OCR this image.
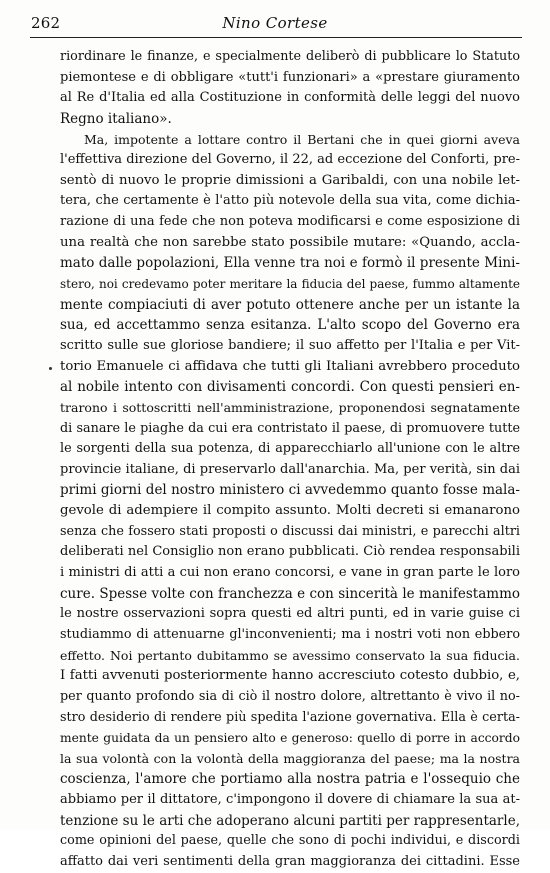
262	Nino Cortese
riordinare le finanze, e specialmente deliberò di pubblicare lo Statuto
piemontese e di obbligare «tutt'i funzionari» a «prestare giuramento
al Re d'Italia ed alla Costituzione in conformità delle leggi del nuovo
Regno italiano».
Ma, impotente a lottare contro il Bertani che in quei giorni aveva
l'effettiva direzione del Governo, il 22, ad eccezione del Conforti, pre-
sentò di nuovo le proprie dimissioni a Garibaldi, con una nobile let-
tera, che certamente è l'atto più notevole della sua vita, come dichia-
razione di una fede che non poteva modificarsi e come esposizione di
una realtà che non sarebbe stato possibile mutare: «Quando, accla-
mato dalle popolazioni, Ella venne tra noi e formò il presente Mini-
stero, noi credevamo poter meritare la fiducia del paese, fummo altamente
mente compiaciuti di aver potuto ottenere anche per un istante la
sua, ed accettammo senza esitanza. L'alto scopo del Governo era
scritto sulle sue gloriose bandiere; il suo affetto per l'Italia e per Vit-
torio Emanuele ci affidava che tutti gli Italiani avrebbero proceduto
al nobile intento con divisamenti concordi. Con questi pensieri en-
trarono i sottoscritti nell'amministrazione, proponendosi segnatamente
di sanare le piaghe da cui era contristato il paese, di promuovere tutte
le sorgenti della sua potenza, di apparecchiarlo all'unione con le altre
provincie italiane, di preservarlo dall'anarchia. Ma, per verità, sin dai
primi giorni del nostro ministero ci avvedemmo quanto fosse mala-
gevole di adempiere il compito assunto. Molti decreti si emanarono
senza che fossero stati proposti o discussi dai ministri, e parecchi altri
deliberati nel Consiglio non erano pubblicati. Ciò rendea responsabili
i ministri di atti a cui non erano concorsi, e vane in gran parte le loro
cure. Spesse volte con franchezza e con sincerità le manifestammo
le nostre osservazioni sopra questi ed altri punti, ed in varie guise ci
studiammo di attenuarne gl'inconvenienti; ma i nostri voti non ebbero
effetto. Noi pertanto dubitammo se avessimo conservato la sua fiducia.
I fatti avvenuti posteriormente hanno accresciuto cotesto dubbio, e,
per quanto profondo sia di ciò il nostro dolore, altrettanto è vivo il no-
stro desiderio di rendere più spedita l'azione governativa. Ella è certa-
mente guidata da un pensiero alto e generoso: quello di porre in accordo
la sua volontà con la volontà della maggioranza del paese; ma la nostra
coscienza, l'amore che portiamo alla nostra patria e l'ossequio che
abbiamo per il dittatore, c'impongono il dovere di chiamare la sua at-
tenzione su le arti che adoperano alcuni partiti per rappresentarle,
come opinioni del paese, quelle che sono di pochi individui, e discordi
affatto dai veri sentimenti della gran maggioranza dei cittadini. Esse
